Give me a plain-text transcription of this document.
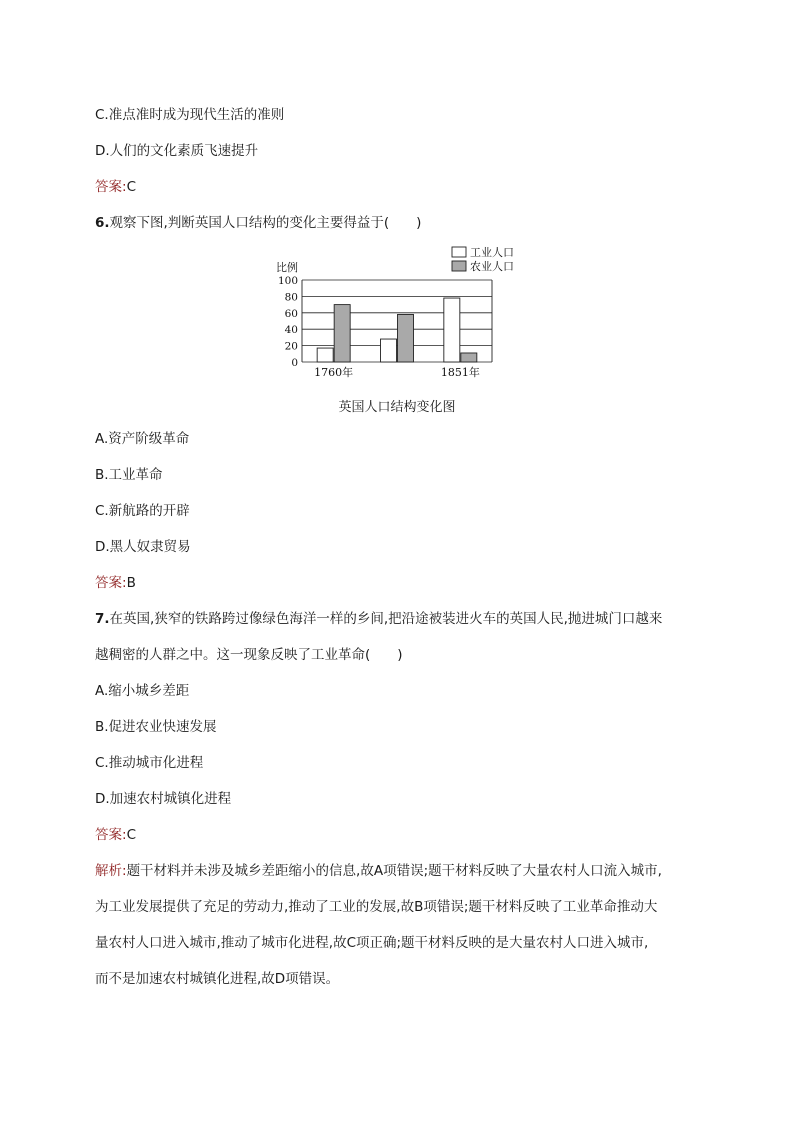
C.准点准时成为现代生活的准则
D.人们的文化素质飞速提升
答案:C
6.观察下图,判断英国人口结构的变化主要得益于(　　)
工业人口
农业人口
比例
0
20
40
60
80
100
1760年	1851年
英国人口结构变化图
A.资产阶级革命
B.工业革命
C.新航路的开辟
D.黑人奴隶贸易
答案:B
7.在英国,狭窄的铁路跨过像绿色海洋一样的乡间,把沿途被装进火车的英国人民,抛进城门口越来
越稠密的人群之中。这一现象反映了工业革命(　　)
A.缩小城乡差距
B.促进农业快速发展
C.推动城市化进程
D.加速农村城镇化进程
答案:C
解析:题干材料并未涉及城乡差距缩小的信息,故A项错误;题干材料反映了大量农村人口流入城市,
为工业发展提供了充足的劳动力,推动了工业的发展,故B项错误;题干材料反映了工业革命推动大
量农村人口进入城市,推动了城市化进程,故C项正确;题干材料反映的是大量农村人口进入城市,
而不是加速农村城镇化进程,故D项错误。
